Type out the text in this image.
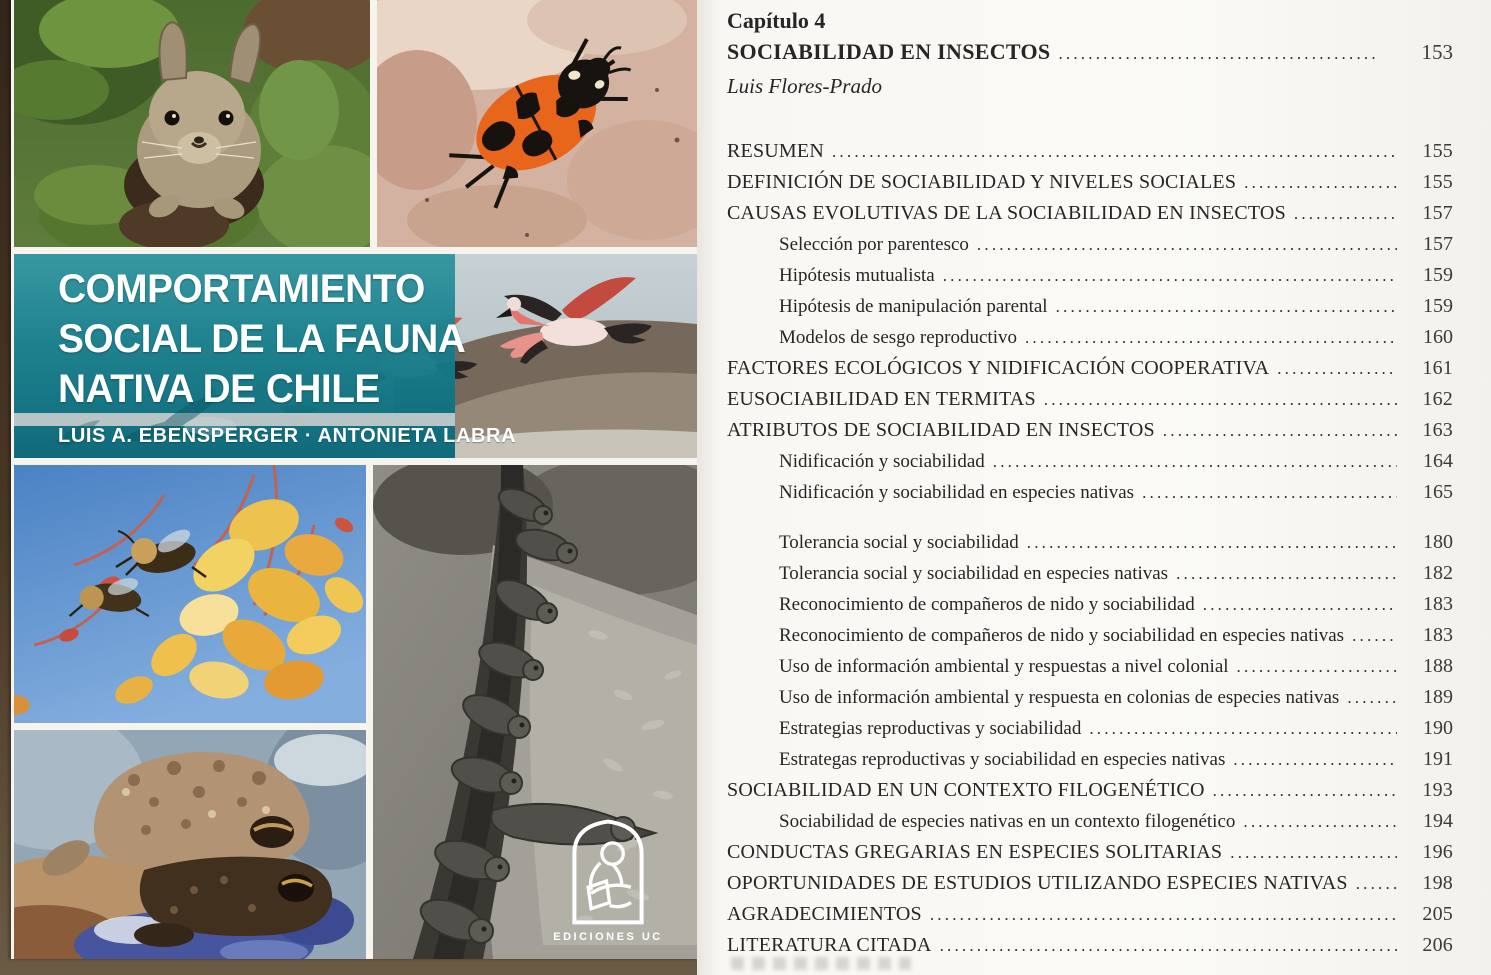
COMPORTAMIENTO
SOCIAL DE LA FAUNA
NATIVA DE CHILE
LUIS A. EBENSPERGER · ANTONIETA LABRA
EDICIONES UC
Capítulo 4
SOCIABILIDAD EN INSECTOS .....	153
Luis Flores-Prado
RESUMEN .....	155
DEFINICIÓN DE SOCIABILIDAD Y NIVELES SOCIALES .....	155
CAUSAS EVOLUTIVAS DE LA SOCIABILIDAD EN INSECTOS .....	157
Selección por parentesco .....	157
Hipótesis mutualista .....	159
Hipótesis de manipulación parental .....	159
Modelos de sesgo reproductivo .....	160
FACTORES ECOLÓGICOS Y NIDIFICACIÓN COOPERATIVA .....	161
EUSOCIABILIDAD EN TERMITAS .....	162
ATRIBUTOS DE SOCIABILIDAD EN INSECTOS .....	163
Nidificación y sociabilidad .....	164
Nidificación y sociabilidad en especies nativas .....	165
Tolerancia social y sociabilidad .....	180
Tolerancia social y sociabilidad en especies nativas .....	182
Reconocimiento de compañeros de nido y sociabilidad .....	183
Reconocimiento de compañeros de nido y sociabilidad en especies nativas .....	183
Uso de información ambiental y respuestas a nivel colonial .....	188
Uso de información ambiental y respuesta en colonias de especies nativas .....	189
Estrategias reproductivas y sociabilidad .....	190
Estrategas reproductivas y sociabilidad en especies nativas .....	191
SOCIABILIDAD EN UN CONTEXTO FILOGENÉTICO .....	193
Sociabilidad de especies nativas en un contexto filogenético .....	194
CONDUCTAS GREGARIAS EN ESPECIES SOLITARIAS .....	196
OPORTUNIDADES DE ESTUDIOS UTILIZANDO ESPECIES NATIVAS .....	198
AGRADECIMIENTOS .....	205
LITERATURA CITADA .....	206
